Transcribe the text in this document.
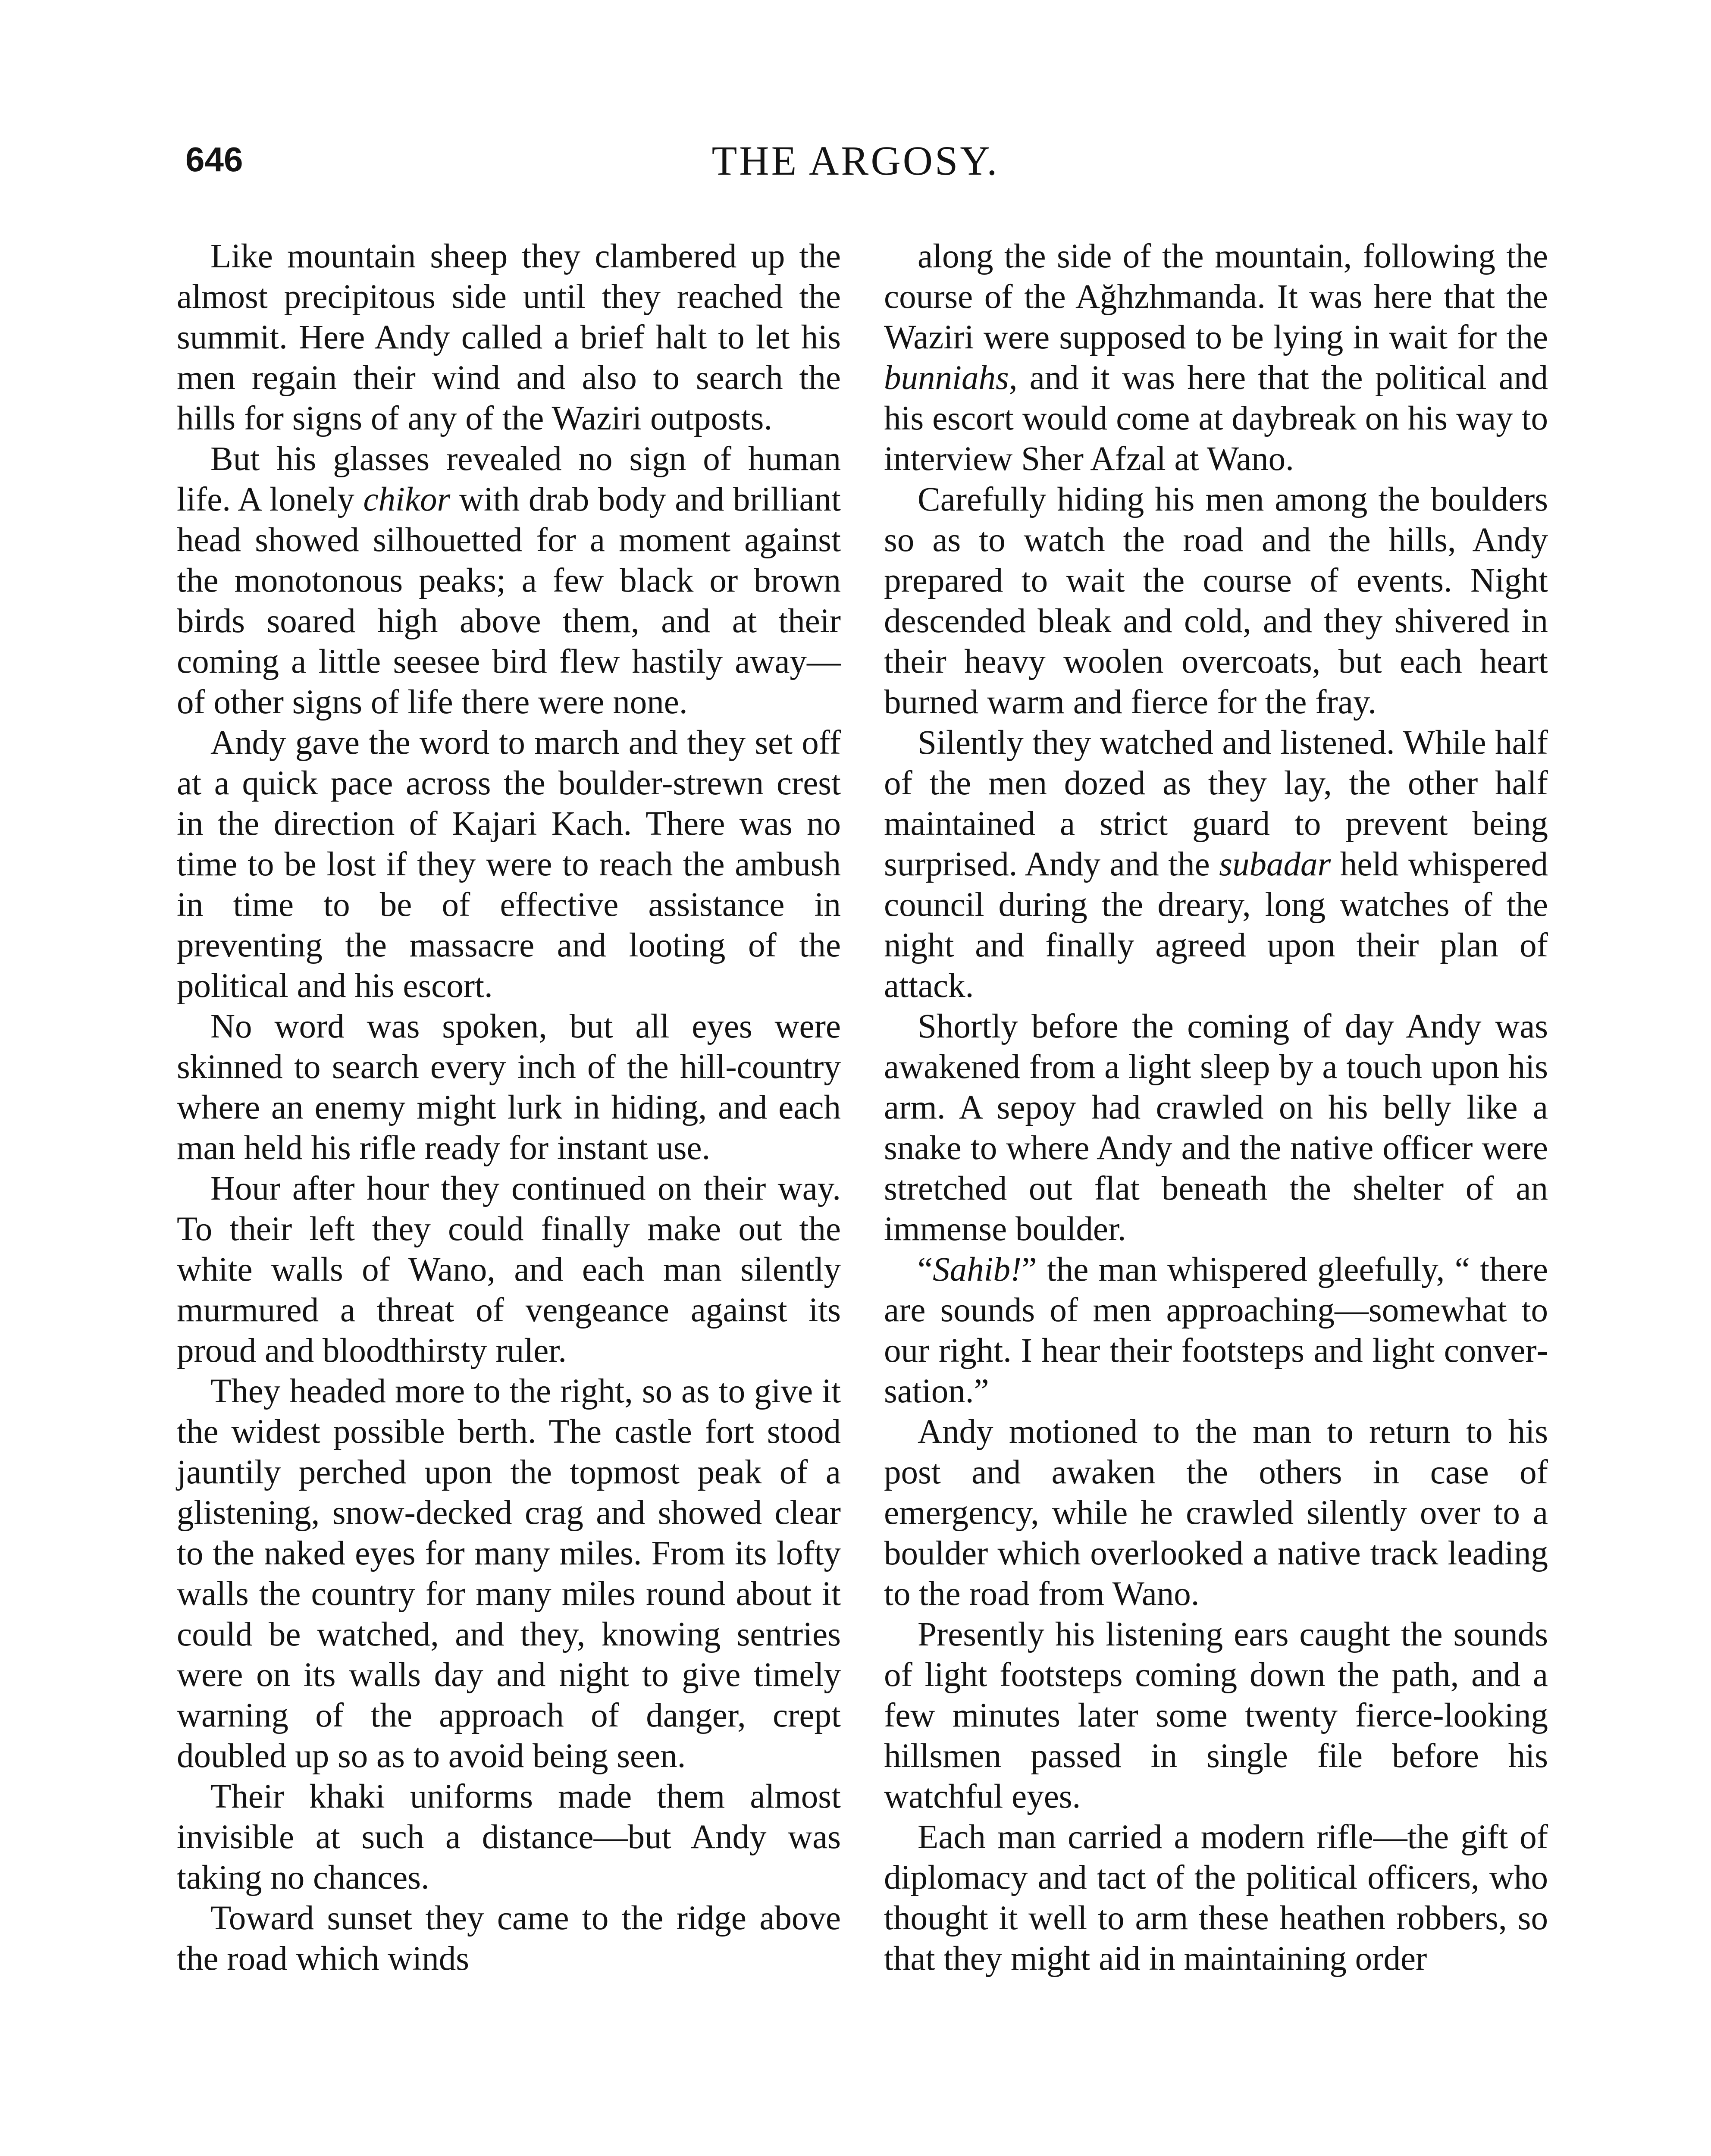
646	THE ARGOSY.

Like mountain sheep they clambered up the almost precipitous side until they reached the summit. Here Andy called a brief halt to let his men regain their wind and also to search the hills for signs of any of the Waziri outposts.

But his glasses revealed no sign of human life. A lonely chikor with drab body and brilliant head showed silhouetted for a moment against the monotonous peaks; a few black or brown birds soared high above them, and at their coming a little seesee bird flew hastily away—of other signs of life there were none.

Andy gave the word to march and they set off at a quick pace across the boulder-strewn crest in the direction of Kajari Kach. There was no time to be lost if they were to reach the ambush in time to be of effective assistance in preventing the massacre and looting of the political and his escort.

No word was spoken, but all eyes were skinned to search every inch of the hill-country where an enemy might lurk in hiding, and each man held his rifle ready for instant use.

Hour after hour they continued on their way. To their left they could finally make out the white walls of Wano, and each man silently murmured a threat of vengeance against its proud and bloodthirsty ruler.

They headed more to the right, so as to give it the widest possible berth. The castle fort stood jauntily perched upon the topmost peak of a glistening, snow-decked crag and showed clear to the naked eyes for many miles. From its lofty walls the country for many miles round about it could be watched, and they, knowing sentries were on its walls day and night to give timely warning of the approach of danger, crept doubled up so as to avoid being seen.

Their khaki uniforms made them almost invisible at such a distance—but Andy was taking no chances.

Toward sunset they came to the ridge above the road which winds

along the side of the mountain, following the course of the Ağhzhmanda. It was here that the Waziri were supposed to be lying in wait for the bunniahs, and it was here that the political and his escort would come at daybreak on his way to interview Sher Afzal at Wano.

Carefully hiding his men among the boulders so as to watch the road and the hills, Andy prepared to wait the course of events. Night descended bleak and cold, and they shivered in their heavy woolen overcoats, but each heart burned warm and fierce for the fray.

Silently they watched and listened. While half of the men dozed as they lay, the other half maintained a strict guard to prevent being surprised. Andy and the subadar held whispered council during the dreary, long watches of the night and finally agreed upon their plan of attack.

Shortly before the coming of day Andy was awakened from a light sleep by a touch upon his arm. A sepoy had crawled on his belly like a snake to where Andy and the native officer were stretched out flat beneath the shelter of an immense boulder.

“Sahib!” the man whispered gleefully, “ there are sounds of men approaching—somewhat to our right. I hear their footsteps and light conversation.”

Andy motioned to the man to return to his post and awaken the others in case of emergency, while he crawled silently over to a boulder which overlooked a native track leading to the road from Wano.

Presently his listening ears caught the sounds of light footsteps coming down the path, and a few minutes later some twenty fierce-looking hillsmen passed in single file before his watchful eyes.

Each man carried a modern rifle—the gift of diplomacy and tact of the political officers, who thought it well to arm these heathen robbers, so that they might aid in maintaining order
